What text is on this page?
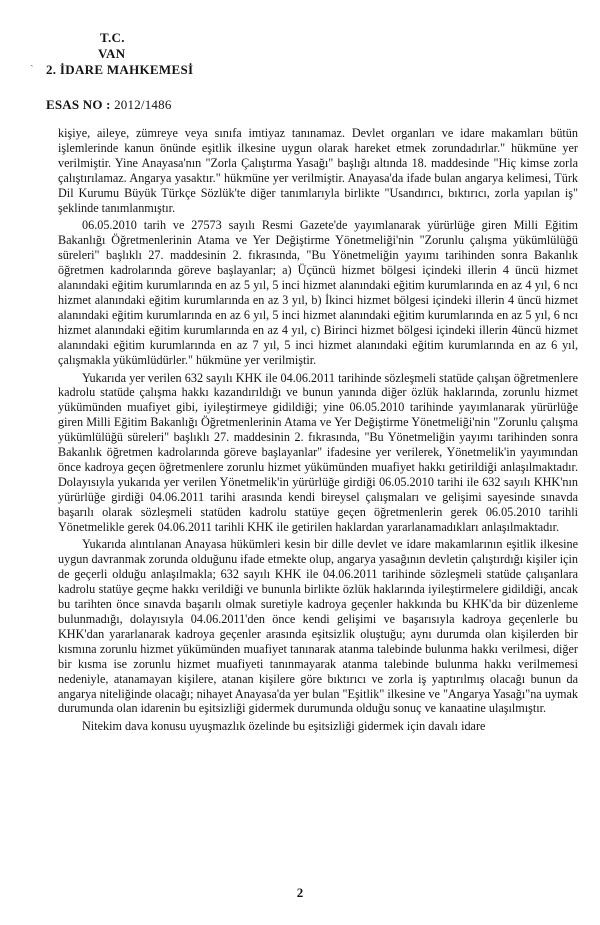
T.C.
VAN
2. İDARE MAHKEMESİ
ˏ
ESAS NO : 2012/1486

kişiye, aileye, zümreye veya sınıfa imtiyaz tanınamaz. Devlet organları ve idare makamları bütün işlemlerinde kanun önünde eşitlik ilkesine uygun olarak hareket etmek zorundadırlar." hükmüne yer verilmiştir. Yine Anayasa'nın "Zorla Çalıştırma Yasağı" başlığı altında 18. maddesinde "Hiç kimse zorla çalıştırılamaz. Angarya yasaktır." hükmüne yer verilmiştir. Anayasa'da ifade bulan angarya kelimesi, Türk Dil Kurumu Büyük Türkçe Sözlük'te diğer tanımlarıyla birlikte "Usandırıcı, bıktırıcı, zorla yapılan iş" şeklinde tanımlanmıştır.

06.05.2010 tarih ve 27573 sayılı Resmi Gazete'de yayımlanarak yürürlüğe giren Milli Eğitim Bakanlığı Öğretmenlerinin Atama ve Yer Değiştirme Yönetmeliği'nin "Zorunlu çalışma yükümlülüğü süreleri" başlıklı 27. maddesinin 2. fıkrasında, "Bu Yönetmeliğin yayımı tarihinden sonra Bakanlık öğretmen kadrolarında göreve başlayanlar; a) Üçüncü hizmet bölgesi içindeki illerin 4 üncü hizmet alanındaki eğitim kurumlarında en az 5 yıl, 5 inci hizmet alanındaki eğitim kurumlarında en az 4 yıl, 6 ncı hizmet alanındaki eğitim kurumlarında en az 3 yıl, b) İkinci hizmet bölgesi içindeki illerin 4 üncü hizmet alanındaki eğitim kurumlarında en az 6 yıl, 5 inci hizmet alanındaki eğitim kurumlarında en az 5 yıl, 6 ncı hizmet alanındaki eğitim kurumlarında en az 4 yıl, c) Birinci hizmet bölgesi içindeki illerin 4üncü hizmet alanındaki eğitim kurumlarında en az 7 yıl, 5 inci hizmet alanındaki eğitim kurumlarında en az 6 yıl, çalışmakla yükümlüdürler." hükmüne yer verilmiştir.

Yukarıda yer verilen 632 sayılı KHK ile 04.06.2011 tarihinde sözleşmeli statüde çalışan öğretmenlere kadrolu statüde çalışma hakkı kazandırıldığı ve bunun yanında diğer özlük haklarında, zorunlu hizmet yükümünden muafiyet gibi, iyileştirmeye gidildiği; yine 06.05.2010 tarihinde yayımlanarak yürürlüğe giren Milli Eğitim Bakanlığı Öğretmenlerinin Atama ve Yer Değiştirme Yönetmeliği'nin "Zorunlu çalışma yükümlülüğü süreleri" başlıklı 27. maddesinin 2. fıkrasında, "Bu Yönetmeliğin yayımı tarihinden sonra Bakanlık öğretmen kadrolarında göreve başlayanlar" ifadesine yer verilerek, Yönetmelik'in yayımından önce kadroya geçen öğretmenlere zorunlu hizmet yükümünden muafiyet hakkı getirildiği anlaşılmaktadır. Dolayısıyla yukarıda yer verilen Yönetmelik'in yürürlüğe girdiği 06.05.2010 tarihi ile 632 sayılı KHK'nın yürürlüğe girdiği 04.06.2011 tarihi arasında kendi bireysel çalışmaları ve gelişimi sayesinde sınavda başarılı olarak sözleşmeli statüden kadrolu statüye geçen öğretmenlerin gerek 06.05.2010 tarihli Yönetmelikle gerek 04.06.2011 tarihli KHK ile getirilen haklardan yararlanamadıkları anlaşılmaktadır.

Yukarıda alıntılanan Anayasa hükümleri kesin bir dille devlet ve idare makamlarının eşitlik ilkesine uygun davranmak zorunda olduğunu ifade etmekte olup, angarya yasağının devletin çalıştırdığı kişiler için de geçerli olduğu anlaşılmakla; 632 sayılı KHK ile 04.06.2011 tarihinde sözleşmeli statüde çalışanlara kadrolu statüye geçme hakkı verildiği ve bununla birlikte özlük haklarında iyileştirmelere gidildiği, ancak bu tarihten önce sınavda başarılı olmak suretiyle kadroya geçenler hakkında bu KHK'da bir düzenleme bulunmadığı, dolayısıyla 04.06.2011'den önce kendi gelişimi ve başarısıyla kadroya geçenlerle bu KHK'dan yararlanarak kadroya geçenler arasında eşitsizlik oluştuğu; aynı durumda olan kişilerden bir kısmına zorunlu hizmet yükümünden muafiyet tanınarak atanma talebinde bulunma hakkı verilmesi, diğer bir kısma ise zorunlu hizmet muafiyeti tanınmayarak atanma talebinde bulunma hakkı verilmemesi nedeniyle, atanamayan kişilere, atanan kişilere göre bıktırıcı ve zorla iş yaptırılmış olacağı bunun da angarya niteliğinde olacağı; nihayet Anayasa'da yer bulan "Eşitlik" ilkesine ve "Angarya Yasağı"na uymak durumunda olan idarenin bu eşitsizliği gidermek durumunda olduğu sonuç ve kanaatine ulaşılmıştır.

Nitekim dava konusu uyuşmazlık özelinde bu eşitsizliği gidermek için davalı idare

2
